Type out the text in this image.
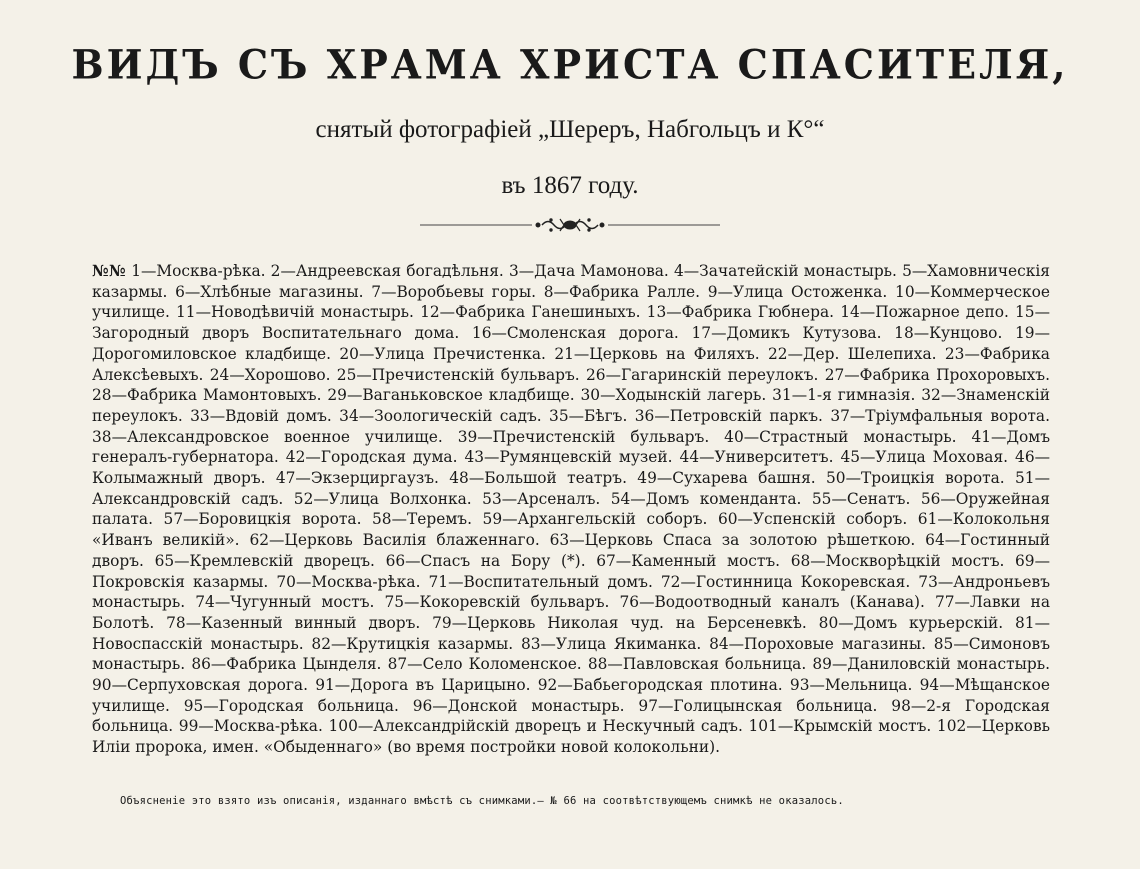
ВИДЪ СЪ ХРАМА ХРИСТА СПАСИТЕЛЯ,

снятый фотографіей „Шереръ, Набгольцъ и К°“

въ 1867 году.

№№ 1—Москва-рѣка. 2—Андреевская богадѣльня. 3—Дача Мамонова. 4—Зачатейскій монастырь. 5—Хамовническія казармы. 6—Хлѣбные магазины. 7—Воробьевы горы. 8—Фабрика Ралле. 9—Улица Остоженка. 10—Коммерческое училище. 11—Новодѣвичій монастырь. 12—Фабрика Ганешиныхъ. 13—Фабрика Гюбнера. 14—Пожарное депо. 15—Загородный дворъ Воспитательнаго дома. 16—Смоленская дорога. 17—Домикъ Кутузова. 18—Кунцово. 19—Дорогомиловское кладбище. 20—Улица Пречистенка. 21—Церковь на Филяхъ. 22—Дер. Шелепиха. 23—Фабрика Алексѣевыхъ. 24—Хорошово. 25—Пречистенскій бульваръ. 26—Гагаринскій переулокъ. 27—Фабрика Прохоровыхъ. 28—Фабрика Мамонтовыхъ. 29—Ваганьковское кладбище. 30—Ходынскій лагерь. 31—1-я гимназія. 32—Знаменскій переулокъ. 33—Вдовій домъ. 34—Зоологическій садъ. 35—Бѣгъ. 36—Петровскій паркъ. 37—Тріумфальныя ворота. 38—Александровское военное училище. 39—Пречистенскій бульваръ. 40—Страстный монастырь. 41—Домъ генералъ-губернатора. 42—Городская дума. 43—Румянцевскій музей. 44—Университетъ. 45—Улица Моховая. 46—Колымажный дворъ. 47—Экзерциргаузъ. 48—Большой театръ. 49—Сухарева башня. 50—Троицкія ворота. 51—Александровскій садъ. 52—Улица Волхонка. 53—Арсеналъ. 54—Домъ коменданта. 55—Сенатъ. 56—Оружейная палата. 57—Боровицкія ворота. 58—Теремъ. 59—Архангельскій соборъ. 60—Успенскій соборъ. 61—Колокольня «Иванъ великій». 62—Церковь Василія блаженнаго. 63—Церковь Спаса за золотою рѣшеткою. 64—Гостинный дворъ. 65—Кремлевскій дворецъ. 66—Спасъ на Бору (*). 67—Каменный мостъ. 68—Москворѣцкій мостъ. 69—Покровскія казармы. 70—Москва-рѣка. 71—Воспитательный домъ. 72—Гостинница Кокоревская. 73—Андроньевъ монастырь. 74—Чугунный мостъ. 75—Кокоревскій бульваръ. 76—Водоотводный каналъ (Канава). 77—Лавки на Болотѣ. 78—Казенный винный дворъ. 79—Церковь Николая чуд. на Берсеневкѣ. 80—Домъ курьерскій. 81—Новоспасскій монастырь. 82—Крутицкія казармы. 83—Улица Якиманка. 84—Пороховые магазины. 85—Симоновъ монастырь. 86—Фабрика Цынделя. 87—Село Коломенское. 88—Павловская больница. 89—Даниловскій монастырь. 90—Серпуховская дорога. 91—Дорога въ Царицыно. 92—Бабьегородская плотина. 93—Мельница. 94—Мѣщанское училище. 95—Городская больница. 96—Донской монастырь. 97—Голицынская больница. 98—2-я Городская больница. 99—Москва-рѣка. 100—Александрійскій дворецъ и Нескучный садъ. 101—Крымскій мостъ. 102—Церковь Иліи пророка, имен. «Обыденнаго» (во время постройки новой колокольни).

Объясненіе это взято изъ описанія, изданнаго вмѣстѣ съ снимками.— № 66 на соотвѣтствующемъ снимкѣ не оказалось.
